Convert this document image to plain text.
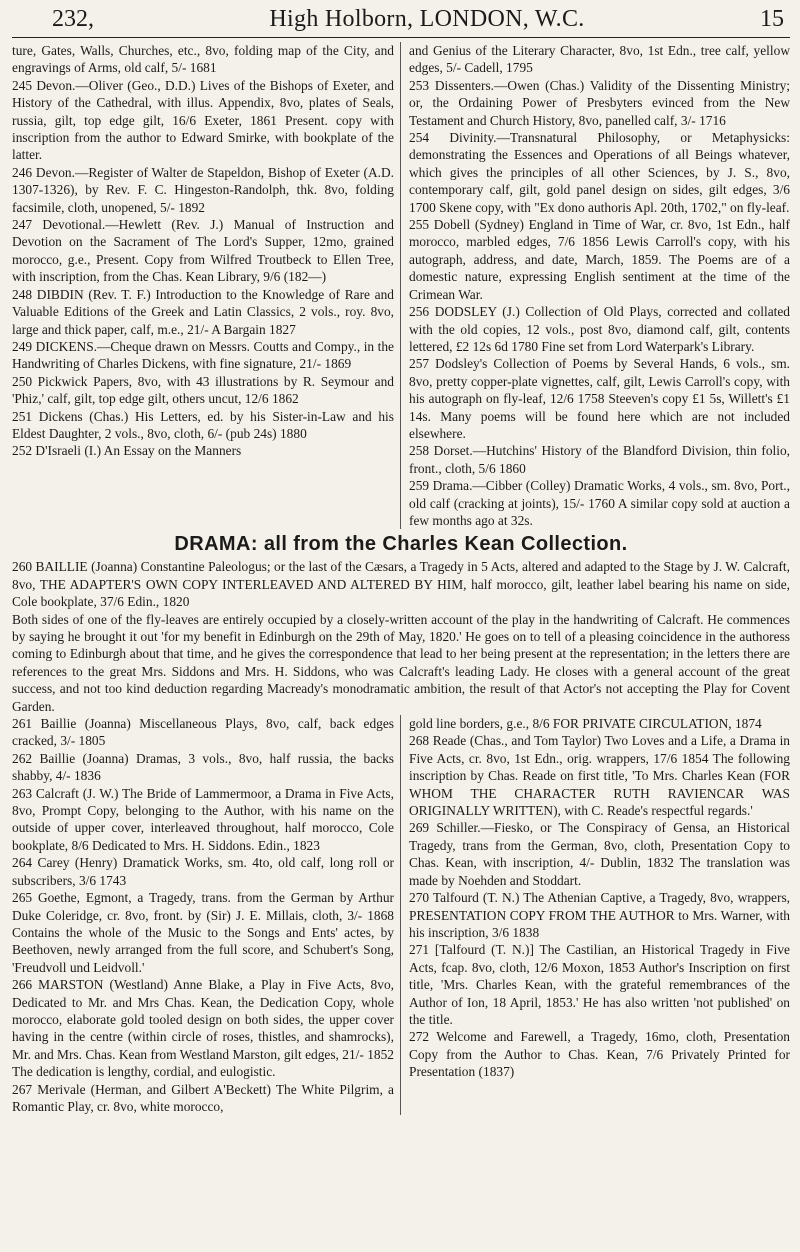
232,	High Holborn, LONDON, W.C.	15

ture, Gates, Walls, Churches, etc., 8vo, folding map of the City, and engravings of Arms, old calf, 5/- 1681

245 Devon.—Oliver (Geo., D.D.) Lives of the Bishops of Exeter, and History of the Cathedral, with illus. Appendix, 8vo, plates of Seals, russia, gilt, top edge gilt, 16/6 Exeter, 1861 Present. copy with inscription from the author to Edward Smirke, with bookplate of the latter.

246 Devon.—Register of Walter de Stapeldon, Bishop of Exeter (A.D. 1307-1326), by Rev. F. C. Hingeston-Randolph, thk. 8vo, folding facsimile, cloth, unopened, 5/- 1892

247 Devotional.—Hewlett (Rev. J.) Manual of Instruction and Devotion on the Sacrament of The Lord's Supper, 12mo, grained morocco, g.e., Present. Copy from Wilfred Troutbeck to Ellen Tree, with inscription, from the Chas. Kean Library, 9/6 (182—)

248 DIBDIN (Rev. T. F.) Introduction to the Knowledge of Rare and Valuable Editions of the Greek and Latin Classics, 2 vols., roy. 8vo, large and thick paper, calf, m.e., 21/- A Bargain 1827

249 DICKENS.—Cheque drawn on Messrs. Coutts and Compy., in the Handwriting of Charles Dickens, with fine signature, 21/- 1869

250 Pickwick Papers, 8vo, with 43 illustrations by R. Seymour and 'Phiz,' calf, gilt, top edge gilt, others uncut, 12/6 1862

251 Dickens (Chas.) His Letters, ed. by his Sister-in-Law and his Eldest Daughter, 2 vols., 8vo, cloth, 6/- (pub 24s) 1880

252 D'Israeli (I.) An Essay on the Manners

and Genius of the Literary Character, 8vo, 1st Edn., tree calf, yellow edges, 5/- Cadell, 1795

253 Dissenters.—Owen (Chas.) Validity of the Dissenting Ministry; or, the Ordaining Power of Presbyters evinced from the New Testament and Church History, 8vo, panelled calf, 3/- 1716

254 Divinity.—Transnatural Philosophy, or Metaphysicks: demonstrating the Essences and Operations of all Beings whatever, which gives the principles of all other Sciences, by J. S., 8vo, contemporary calf, gilt, gold panel design on sides, gilt edges, 3/6 1700 Skene copy, with "Ex dono authoris Apl. 20th, 1702," on fly-leaf.

255 Dobell (Sydney) England in Time of War, cr. 8vo, 1st Edn., half morocco, marbled edges, 7/6 1856 Lewis Carroll's copy, with his autograph, address, and date, March, 1859. The Poems are of a domestic nature, expressing English sentiment at the time of the Crimean War.

256 DODSLEY (J.) Collection of Old Plays, corrected and collated with the old copies, 12 vols., post 8vo, diamond calf, gilt, contents lettered, £2 12s 6d 1780 Fine set from Lord Waterpark's Library.

257 Dodsley's Collection of Poems by Several Hands, 6 vols., sm. 8vo, pretty copper-plate vignettes, calf, gilt, Lewis Carroll's copy, with his autograph on fly-leaf, 12/6 1758 Steeven's copy £1 5s, Willett's £1 14s. Many poems will be found here which are not included elsewhere.

258 Dorset.—Hutchins' History of the Blandford Division, thin folio, front., cloth, 5/6 1860

259 Drama.—Cibber (Colley) Dramatic Works, 4 vols., sm. 8vo, Port., old calf (cracking at joints), 15/- 1760 A similar copy sold at auction a few months ago at 32s.

DRAMA: all from the Charles Kean Collection.

260 BAILLIE (Joanna) Constantine Paleologus; or the last of the Cæsars, a Tragedy in 5 Acts, altered and adapted to the Stage by J. W. Calcraft, 8vo, THE ADAPTER'S OWN COPY INTERLEAVED AND ALTERED BY HIM, half morocco, gilt, leather label bearing his name on side, Cole bookplate, 37/6 Edin., 1820

Both sides of one of the fly-leaves are entirely occupied by a closely-written account of the play in the handwriting of Calcraft. He commences by saying he brought it out 'for my benefit in Edinburgh on the 29th of May, 1820.' He goes on to tell of a pleasing coincidence in the authoress coming to Edinburgh about that time, and he gives the correspondence that lead to her being present at the representation; in the letters there are references to the great Mrs. Siddons and Mrs. H. Siddons, who was Calcraft's leading Lady. He closes with a general account of the great success, and not too kind deduction regarding Macready's monodramatic ambition, the result of that Actor's not accepting the Play for Covent Garden.

261 Baillie (Joanna) Miscellaneous Plays, 8vo, calf, back edges cracked, 3/- 1805

262 Baillie (Joanna) Dramas, 3 vols., 8vo, half russia, the backs shabby, 4/- 1836

263 Calcraft (J. W.) The Bride of Lammermoor, a Drama in Five Acts, 8vo, Prompt Copy, belonging to the Author, with his name on the outside of upper cover, interleaved throughout, half morocco, Cole bookplate, 8/6 Dedicated to Mrs. H. Siddons. Edin., 1823

264 Carey (Henry) Dramatick Works, sm. 4to, old calf, long roll or subscribers, 3/6 1743

265 Goethe, Egmont, a Tragedy, trans. from the German by Arthur Duke Coleridge, cr. 8vo, front. by (Sir) J. E. Millais, cloth, 3/- 1868 Contains the whole of the Music to the Songs and Ents' actes, by Beethoven, newly arranged from the full score, and Schubert's Song, 'Freudvoll und Leidvoll.'

266 MARSTON (Westland) Anne Blake, a Play in Five Acts, 8vo, Dedicated to Mr. and Mrs Chas. Kean, the Dedication Copy, whole morocco, elaborate gold tooled design on both sides, the upper cover having in the centre (within circle of roses, thistles, and shamrocks), Mr. and Mrs. Chas. Kean from Westland Marston, gilt edges, 21/- 1852 The dedication is lengthy, cordial, and eulogistic.

267 Merivale (Herman, and Gilbert A'Beckett) The White Pilgrim, a Romantic Play, cr. 8vo, white morocco,

gold line borders, g.e., 8/6 FOR PRIVATE CIRCULATION, 1874

268 Reade (Chas., and Tom Taylor) Two Loves and a Life, a Drama in Five Acts, cr. 8vo, 1st Edn., orig. wrappers, 17/6 1854 The following inscription by Chas. Reade on first title, 'To Mrs. Charles Kean (FOR WHOM THE CHARACTER RUTH RAVIENCAR WAS ORIGINALLY WRITTEN), with C. Reade's respectful regards.'

269 Schiller.—Fiesko, or The Conspiracy of Gensa, an Historical Tragedy, trans from the German, 8vo, cloth, Presentation Copy to Chas. Kean, with inscription, 4/- Dublin, 1832 The translation was made by Noehden and Stoddart.

270 Talfourd (T. N.) The Athenian Captive, a Tragedy, 8vo, wrappers, PRESENTATION COPY FROM THE AUTHOR to Mrs. Warner, with his inscription, 3/6 1838

271 [Talfourd (T. N.)] The Castilian, an Historical Tragedy in Five Acts, fcap. 8vo, cloth, 12/6 Moxon, 1853 Author's Inscription on first title, 'Mrs. Charles Kean, with the grateful remembrances of the Author of Ion, 18 April, 1853.' He has also written 'not published' on the title.

272 Welcome and Farewell, a Tragedy, 16mo, cloth, Presentation Copy from the Author to Chas. Kean, 7/6 Privately Printed for Presentation (1837)
